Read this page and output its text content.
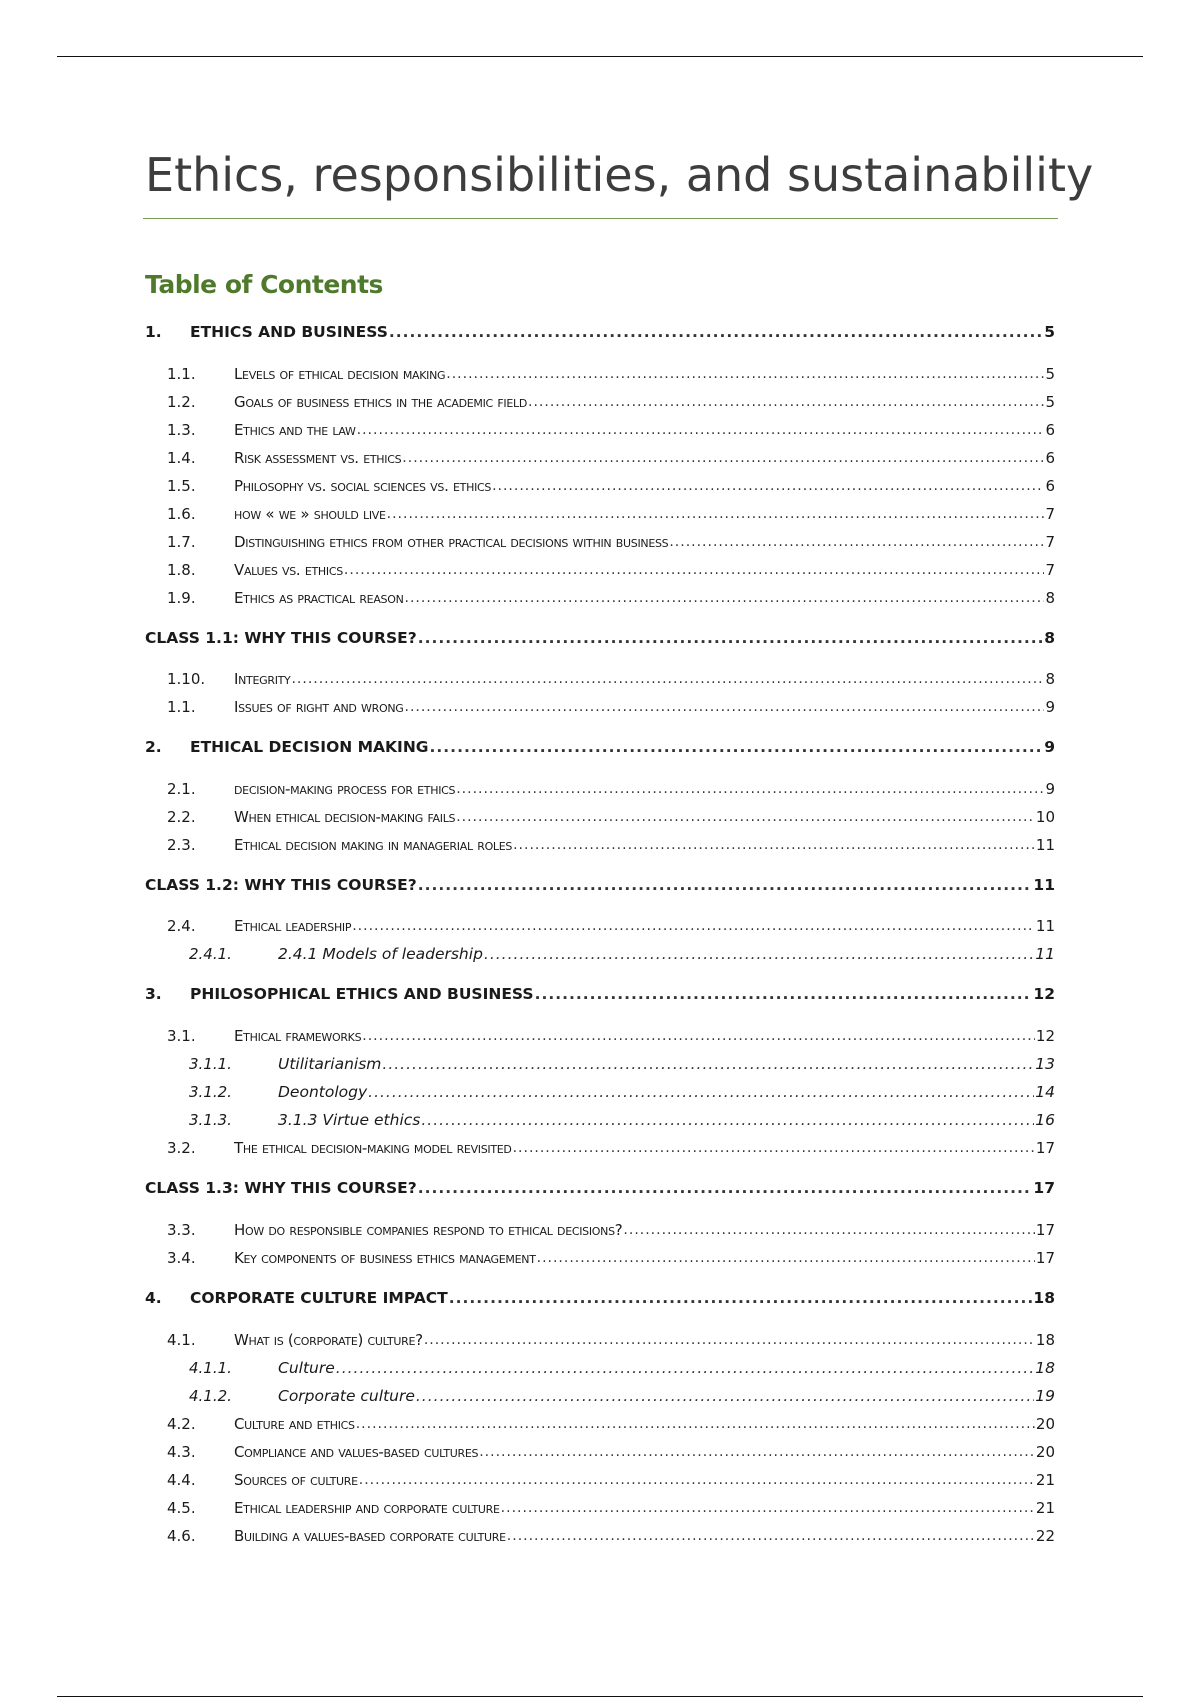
Ethics, responsibilities, and sustainability
Table of Contents
1.	ETHICS AND BUSINESS .....	5
1.1.	Levels of ethical decision making .....	5
1.2.	Goals of business ethics in the academic field .....	5
1.3.	Ethics and the law .....	6
1.4.	Risk assessment vs. ethics .....	6
1.5.	Philosophy vs. social sciences vs. ethics .....	6
1.6.	how « we » should live .....	7
1.7.	Distinguishing ethics from other practical decisions within business .....	7
1.8.	Values vs. ethics .....	7
1.9.	Ethics as practical reason .....	8
CLASS 1.1: WHY THIS COURSE? .....	8
1.10.	Integrity .....	8
1.1.	Issues of right and wrong .....	9
2.	ETHICAL DECISION MAKING .....	9
2.1.	decision-making process for ethics .....	9
2.2.	When ethical decision-making fails .....	10
2.3.	Ethical decision making in managerial roles .....	11
CLASS 1.2: WHY THIS COURSE? .....	11
2.4.	Ethical leadership .....	11
2.4.1.	2.4.1 Models of leadership .....	11
3.	PHILOSOPHICAL ETHICS AND BUSINESS .....	12
3.1.	Ethical frameworks .....	12
3.1.1.	Utilitarianism .....	13
3.1.2.	Deontology .....	14
3.1.3.	3.1.3 Virtue ethics .....	16
3.2.	The ethical decision-making model revisited .....	17
CLASS 1.3: WHY THIS COURSE? .....	17
3.3.	How do responsible companies respond to ethical decisions? .....	17
3.4.	Key components of business ethics management .....	17
4.	CORPORATE CULTURE IMPACT .....	18
4.1.	What is (corporate) culture? .....	18
4.1.1.	Culture .....	18
4.1.2.	Corporate culture .....	19
4.2.	Culture and ethics .....	20
4.3.	Compliance and values-based cultures .....	20
4.4.	Sources of culture .....	21
4.5.	Ethical leadership and corporate culture .....	21
4.6.	Building a values-based corporate culture .....	22
